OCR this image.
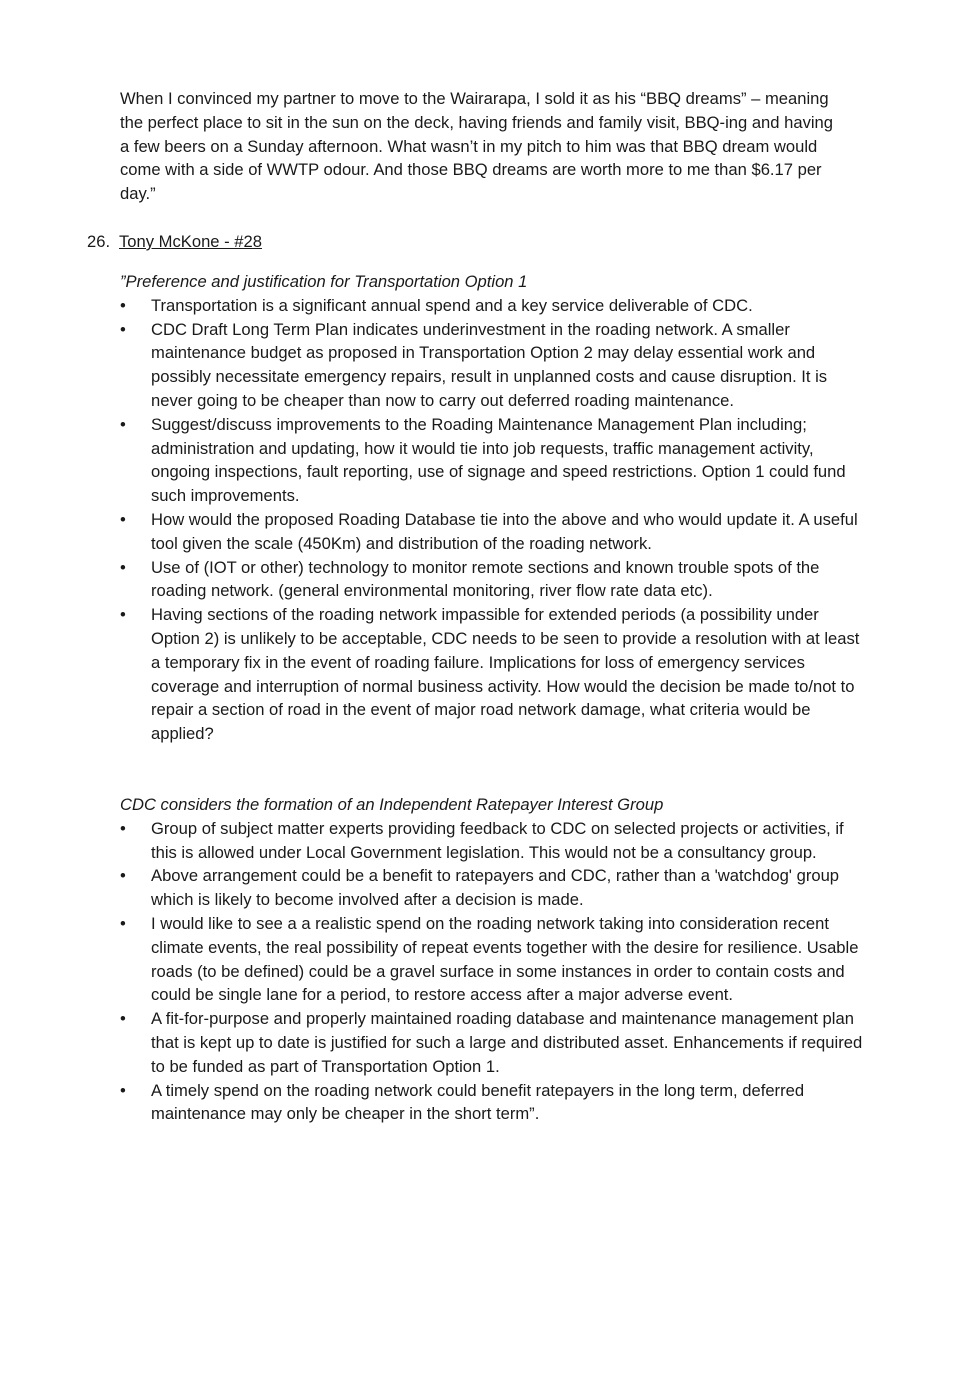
When I convinced my partner to move to the Wairarapa, I sold it as his “BBQ dreams” – meaning the perfect place to sit in the sun on the deck, having friends and family visit, BBQ-ing and having a few beers on a Sunday afternoon. What wasn’t in my pitch to him was that BBQ dream would come with a side of WWTP odour. And those BBQ dreams are worth more to me than $6.17 per day.”

26. Tony McKone - #28

”Preference and justification for Transportation Option 1

•	Transportation is a significant annual spend and a key service deliverable of CDC.
•	CDC Draft Long Term Plan indicates underinvestment in the roading network. A smaller maintenance budget as proposed in Transportation Option 2 may delay essential work and possibly necessitate emergency repairs, result in unplanned costs and cause disruption. It is never going to be cheaper than now to carry out deferred roading maintenance.
•	Suggest/discuss improvements to the Roading Maintenance Management Plan including; administration and updating, how it would tie into job requests, traffic management activity, ongoing inspections, fault reporting, use of signage and speed restrictions. Option 1 could fund such improvements.
•	How would the proposed Roading Database tie into the above and who would update it. A useful tool given the scale (450Km) and distribution of the roading network.
•	Use of (IOT or other) technology to monitor remote sections and known trouble spots of the roading network. (general environmental monitoring, river flow rate data etc).
•	Having sections of the roading network impassible for extended periods (a possibility under Option 2) is unlikely to be acceptable, CDC needs to be seen to provide a resolution with at least a temporary fix in the event of roading failure. Implications for loss of emergency services coverage and interruption of normal business activity. How would the decision be made to/not to repair a section of road in the event of major road network damage, what criteria would be applied?

CDC considers the formation of an Independent Ratepayer Interest Group

•	Group of subject matter experts providing feedback to CDC on selected projects or activities, if this is allowed under Local Government legislation. This would not be a consultancy group.
•	Above arrangement could be a benefit to ratepayers and CDC, rather than a 'watchdog' group which is likely to become involved after a decision is made.
•	I would like to see a a realistic spend on the roading network taking into consideration recent climate events, the real possibility of repeat events together with the desire for resilience. Usable roads (to be defined) could be a gravel surface in some instances in order to contain costs and could be single lane for a period, to restore access after a major adverse event.
•	A fit-for-purpose and properly maintained roading database and maintenance management plan that is kept up to date is justified for such a large and distributed asset. Enhancements if required to be funded as part of Transportation Option 1.
•	A timely spend on the roading network could benefit ratepayers in the long term, deferred maintenance may only be cheaper in the short term”.
